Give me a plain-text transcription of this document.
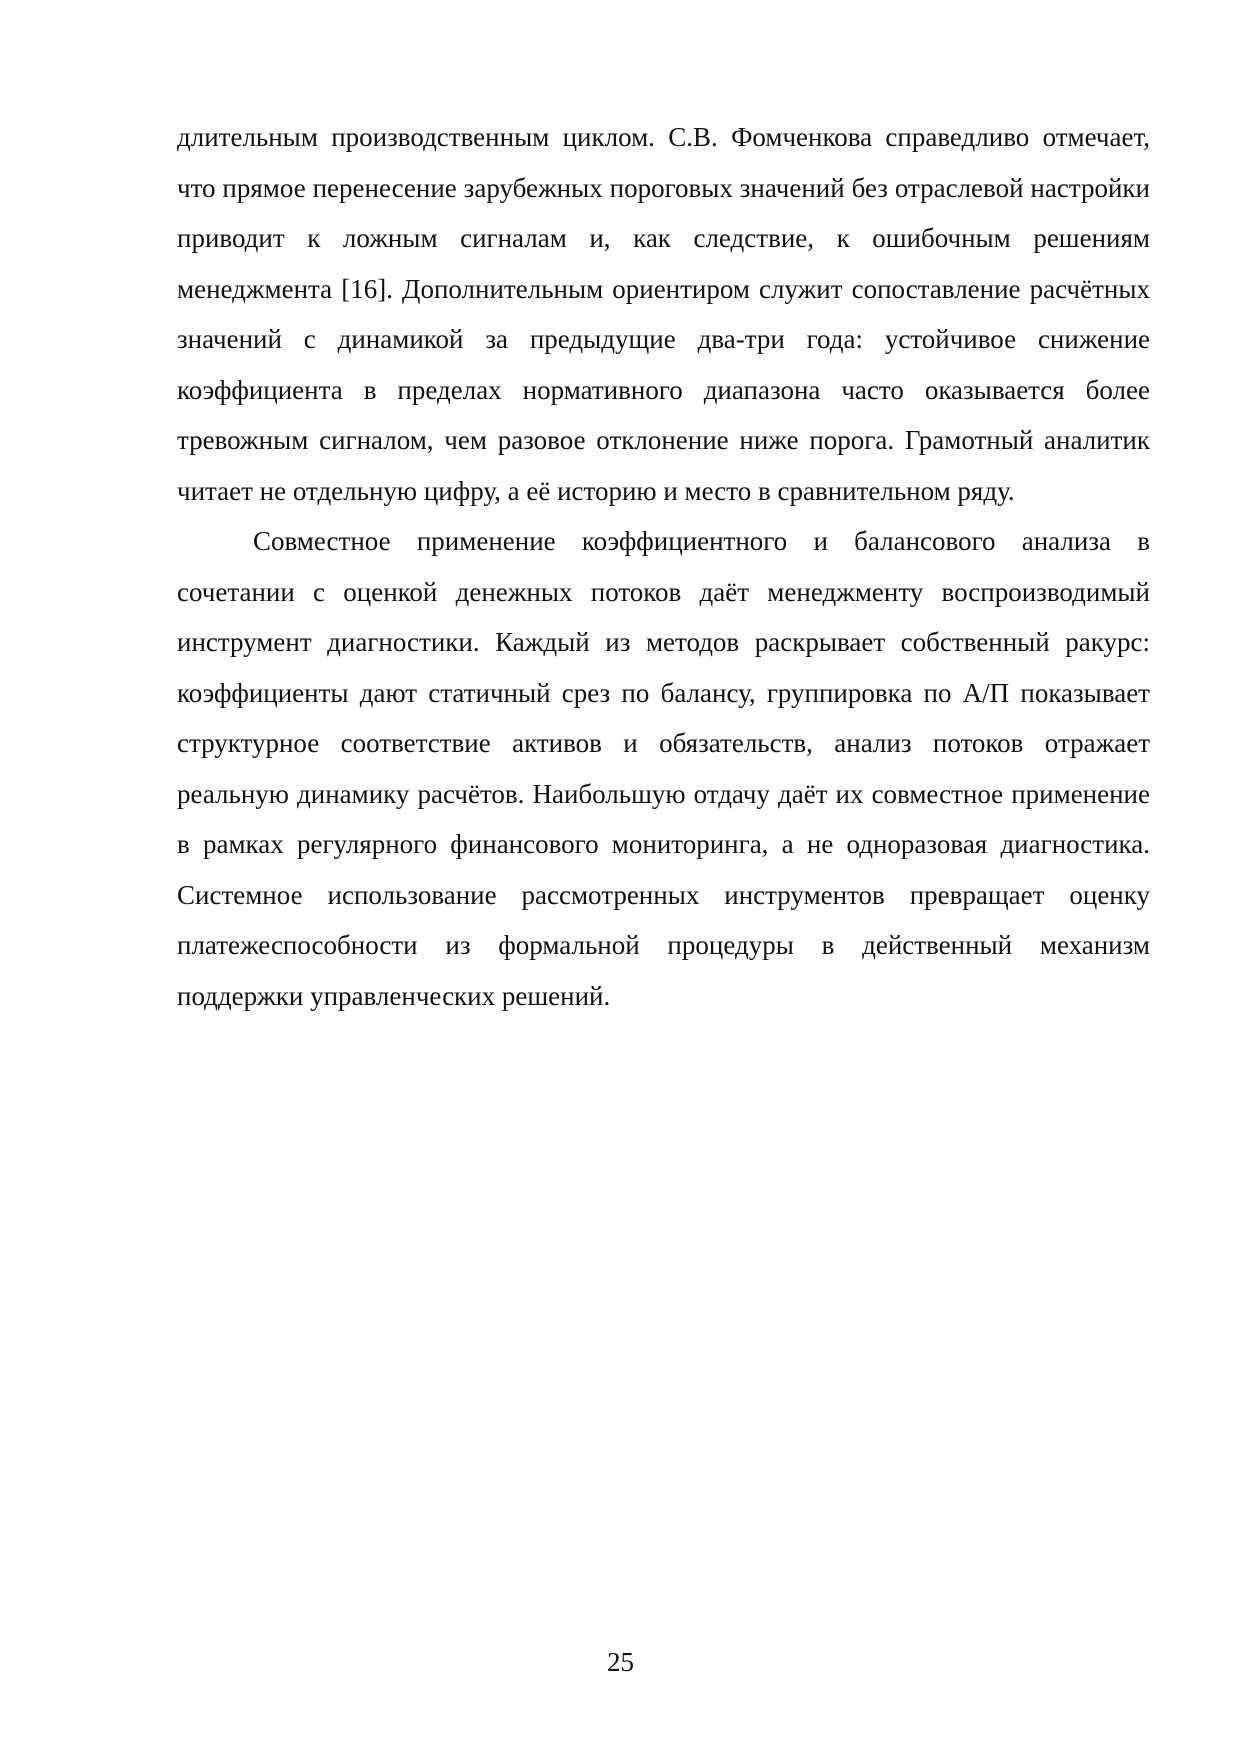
длительным производственным циклом. С.В. Фомченкова справедливо отмечает, что прямое перенесение зарубежных пороговых значений без отраслевой настройки приводит к ложным сигналам и, как следствие, к ошибочным решениям менеджмента [16]. Дополнительным ориентиром служит сопоставление расчётных значений с динамикой за предыдущие два-три года: устойчивое снижение коэффициента в пределах нормативного диапазона часто оказывается более тревожным сигналом, чем разовое отклонение ниже порога. Грамотный аналитик читает не отдельную цифру, а её историю и место в сравнительном ряду.

Совместное применение коэффициентного и балансового анализа в сочетании с оценкой денежных потоков даёт менеджменту воспроизводимый инструмент диагностики. Каждый из методов раскрывает собственный ракурс: коэффициенты дают статичный срез по балансу, группировка по А/П показывает структурное соответствие активов и обязательств, анализ потоков отражает реальную динамику расчётов. Наибольшую отдачу даёт их совместное применение в рамках регулярного финансового мониторинга, а не одноразовая диагностика. Системное использование рассмотренных инструментов превращает оценку платежеспособности из формальной процедуры в действенный механизм поддержки управленческих решений.

25
